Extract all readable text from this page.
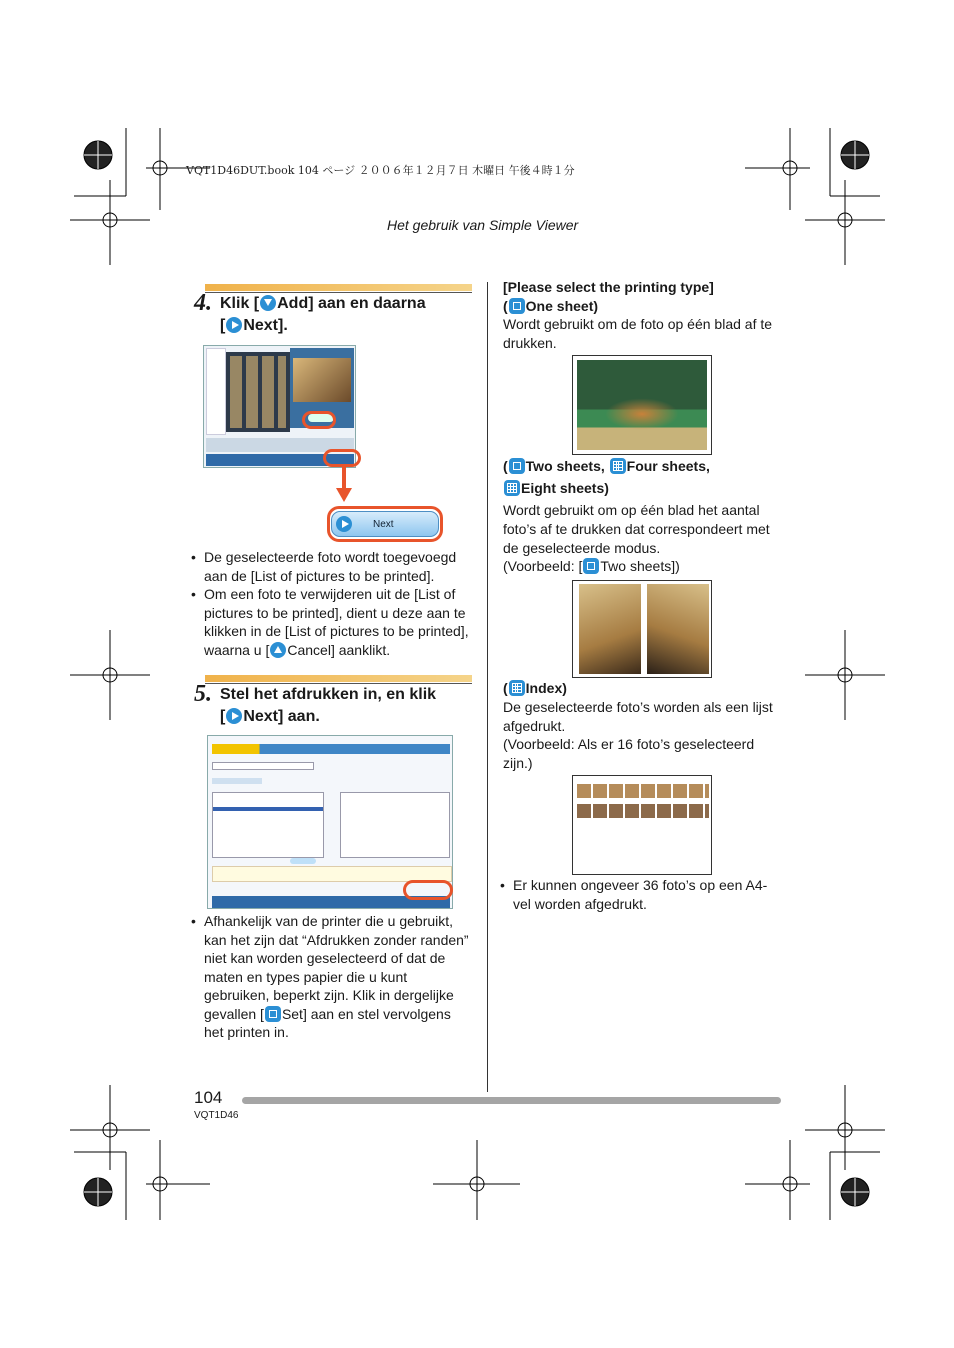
VQT1D46DUT.book 104 ページ ２００６年１２月７日 木曜日 午後４時１分
Het gebruik van Simple Viewer
4. Klik [ Add] aan en daarna
[ Next].
Next
• De geselecteerde foto wordt toegevoegd aan de [List of pictures to be printed].
• Om een foto te verwijderen uit de [List of pictures to be printed], dient u deze aan te klikken in de [List of pictures to be printed], waarna u [ Cancel] aanklikt.
5. Stel het afdrukken in, en klik
[ Next] aan.
• Afhankelijk van de printer die u gebruikt, kan het zijn dat “Afdrukken zonder randen” niet kan worden geselecteerd of dat de maten en types papier die u kunt gebruiken, beperkt zijn. Klik in dergelijke gevallen [ Set] aan en stel vervolgens het printen in.
[Please select the printing type]
( One sheet)
Wordt gebruikt om de foto op één blad af te drukken.
( Two sheets, Four sheets,
Eight sheets)
Wordt gebruikt om op één blad het aantal foto’s af te drukken dat correspondeert met de geselecteerde modus.
(Voorbeeld: [ Two sheets])
( Index)
De geselecteerde foto’s worden als een lijst afgedrukt.
(Voorbeeld: Als er 16 foto’s geselecteerd zijn.)
• Er kunnen ongeveer 36 foto’s op een A4-vel worden afgedrukt.
104
VQT1D46
